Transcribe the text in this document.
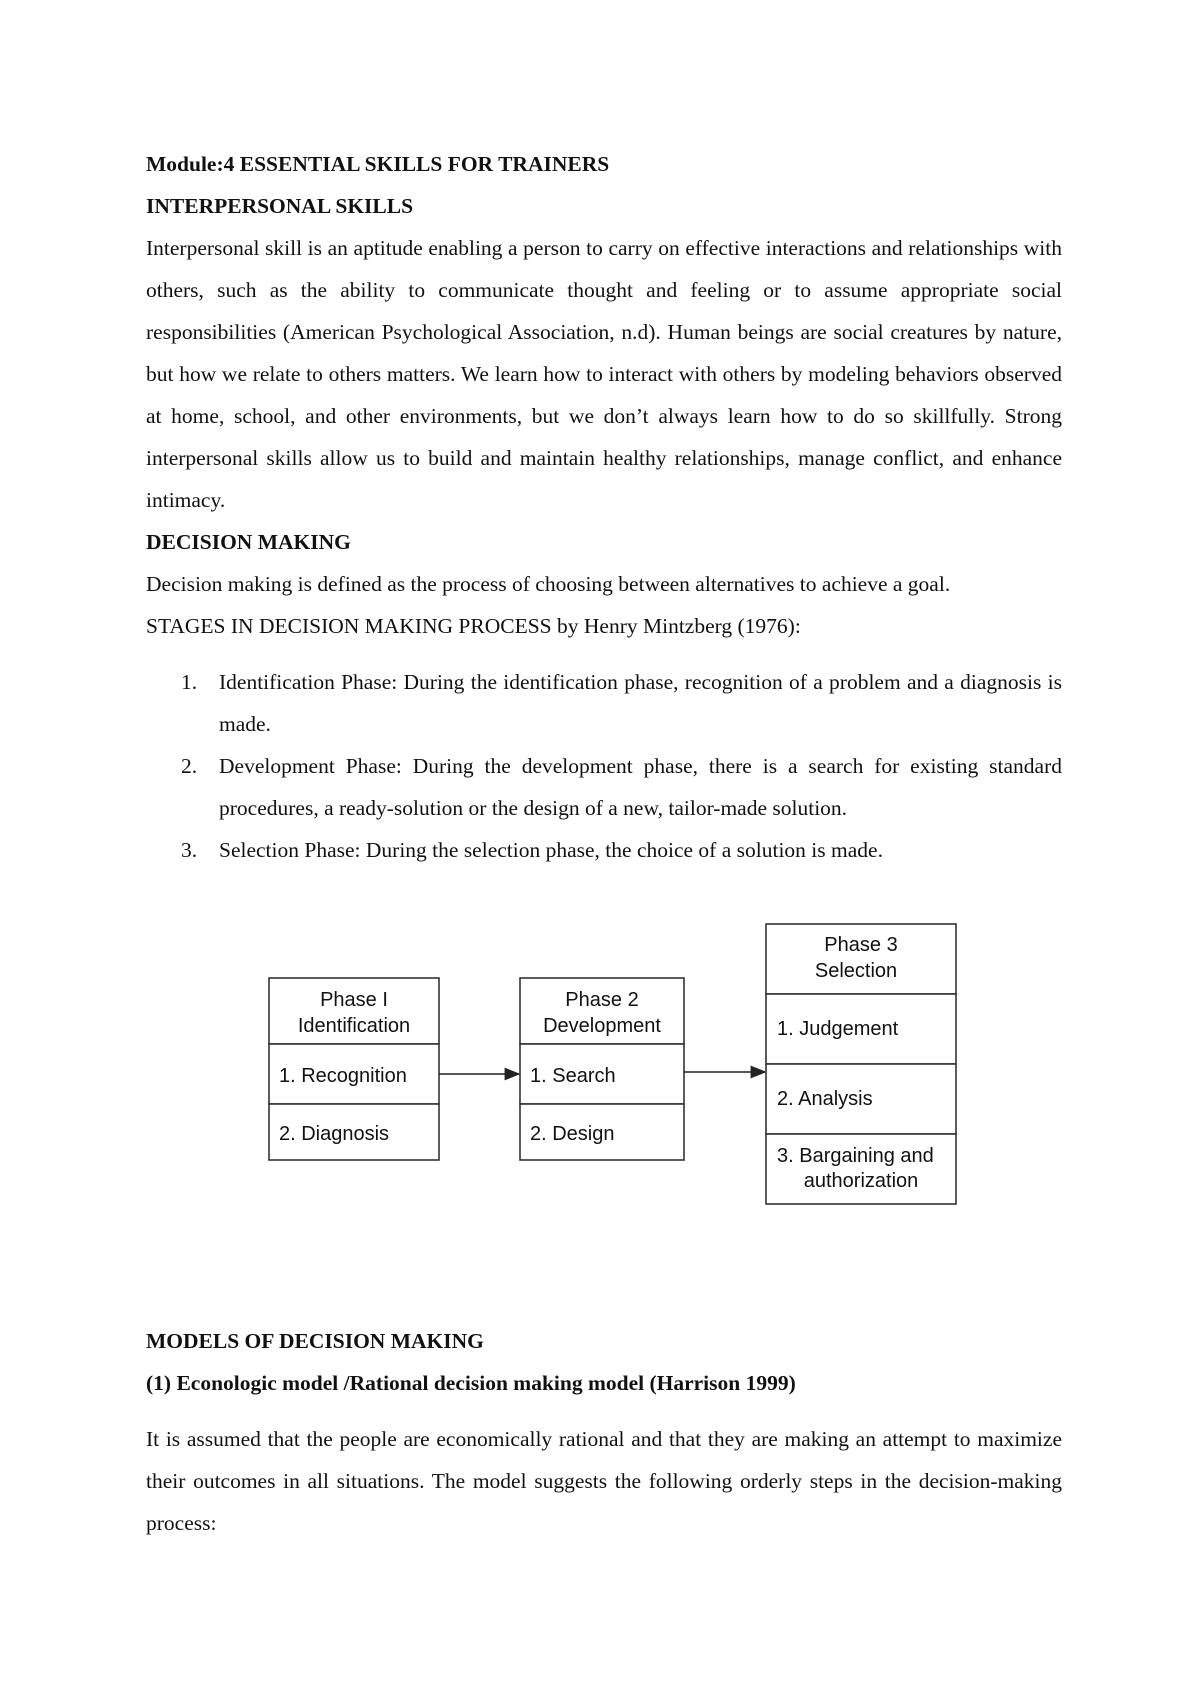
Module:4 ESSENTIAL SKILLS FOR TRAINERS
INTERPERSONAL SKILLS

Interpersonal skill is an aptitude enabling a person to carry on effective interactions and relationships with others, such as the ability to communicate thought and feeling or to assume appropriate social responsibilities (American Psychological Association, n.d). Human beings are social creatures by nature, but how we relate to others matters. We learn how to interact with others by modeling behaviors observed at home, school, and other environments, but we don’t always learn how to do so skillfully. Strong interpersonal skills allow us to build and maintain healthy relationships, manage conflict, and enhance intimacy.

DECISION MAKING
Decision making is defined as the process of choosing between alternatives to achieve a goal.
STAGES IN DECISION MAKING PROCESS by Henry Mintzberg (1976):
1. Identification Phase: During the identification phase, recognition of a problem and a diagnosis is made.
2. Development Phase: During the development phase, there is a search for existing standard procedures, a ready-solution or the design of a new, tailor-made solution.
3. Selection Phase: During the selection phase, the choice of a solution is made.
Phase I
Identification
1. Recognition
2. Diagnosis
Phase 2
Development
1. Search
2. Design
Phase 3
Selection
1. Judgement
2. Analysis
3. Bargaining and
authorization
MODELS OF DECISION MAKING
(1) Econologic model /Rational decision making model (Harrison 1999)

It is assumed that the people are economically rational and that they are making an attempt to maximize their outcomes in all situations. The model suggests the following orderly steps in the decision-making process:
